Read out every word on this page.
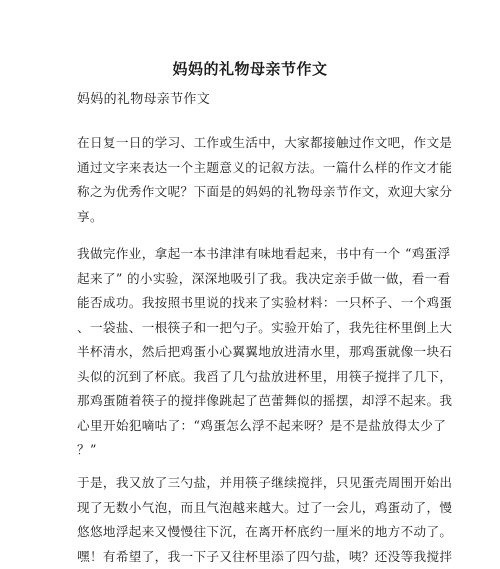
妈妈的礼物母亲节作文
妈妈的礼物母亲节作文
在日复一日的学习、工作或生活中，大家都接触过作文吧，作文是
通过文字来表达一个主题意义的记叙方法。一篇什么样的作文才能
称之为优秀作文呢？下面是的妈妈的礼物母亲节作文，欢迎大家分
享。
我做完作业，拿起一本书津津有味地看起来，书中有一个 “鸡蛋浮
起来了” 的小实验，深深地吸引了我。我决定亲手做一做，看一看
能否成功。我按照书里说的找来了实验材料：一只杯子、一个鸡蛋
、一袋盐、一根筷子和一把勺子。实验开始了，我先往杯里倒上大
半杯清水，然后把鸡蛋小心翼翼地放进清水里，那鸡蛋就像一块石
头似的沉到了杯底。我舀了几勺盐放进杯里，用筷子搅拌了几下，
那鸡蛋随着筷子的搅拌像跳起了芭蕾舞似的摇摆，却浮不起来。我
心里开始犯嘀咕了：“鸡蛋怎么浮不起来呀？是不是盐放得太少了
？”
于是，我又放了三勺盐，并用筷子继续搅拌，只见蛋壳周围开始出
现了无数小气泡，而且气泡越来越大。过了一会儿，鸡蛋动了，慢
悠悠地浮起来又慢慢往下沉，在离开杯底约一厘米的地方不动了。
嘿！有希望了，我一下子又往杯里添了四勺盐，咦？还没等我搅拌
